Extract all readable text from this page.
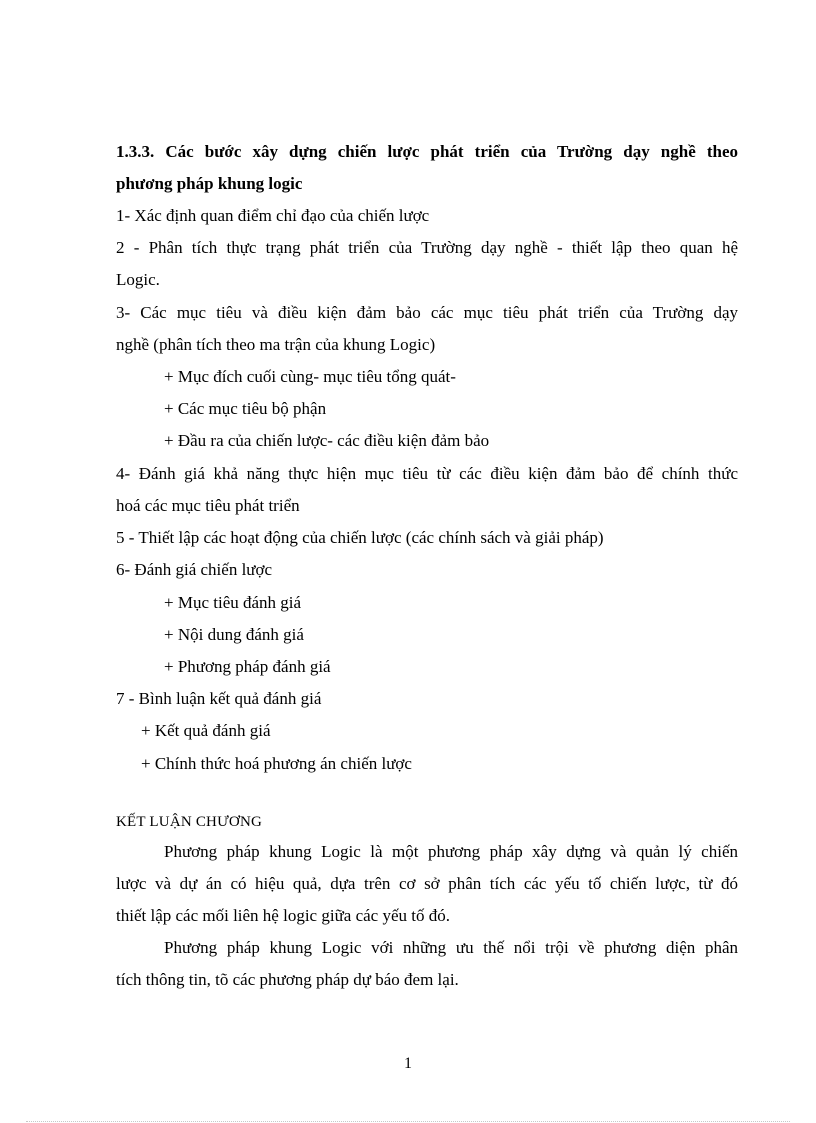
1.3.3. Các bước xây dựng chiến lược phát triển của Trường dạy nghề theo
phương pháp khung logic
1- Xác định quan điểm chỉ đạo của chiến lược
2 - Phân tích thực trạng phát triển của Trường dạy nghề - thiết lập theo quan hệ
Logic.
3- Các mục tiêu và điều kiện đảm bảo các mục tiêu phát triển của Trường dạy
nghề (phân tích theo ma trận của khung Logic)
+ Mục đích cuối cùng- mục tiêu tổng quát-
+ Các mục tiêu bộ phận
+ Đầu ra của chiến lược- các điều kiện đảm bảo
4- Đánh giá khả năng thực hiện mục tiêu từ các điều kiện đảm bảo để chính thức
hoá các mục tiêu phát triển
5 - Thiết lập các hoạt động của chiến lược (các chính sách và giải pháp)
6- Đánh giá chiến lược
+ Mục tiêu đánh giá
+ Nội dung đánh giá
+ Phương pháp đánh giá
7 - Bình luận kết quả đánh giá
+ Kết quả đánh giá
+ Chính thức hoá phương án chiến lược
KẾT LUẬN CHƯƠNG
Phương pháp khung Logic là một phương pháp xây dựng và quản lý chiến
lược và dự án có hiệu quả, dựa trên cơ sở phân tích các yếu tố chiến lược, từ đó
thiết lập các mối liên hệ logic giữa các yếu tố đó.
Phương pháp khung Logic với những ưu thế nổi trội về phương diện phân
tích thông tin, tõ các phương pháp dự báo đem lại.
1
